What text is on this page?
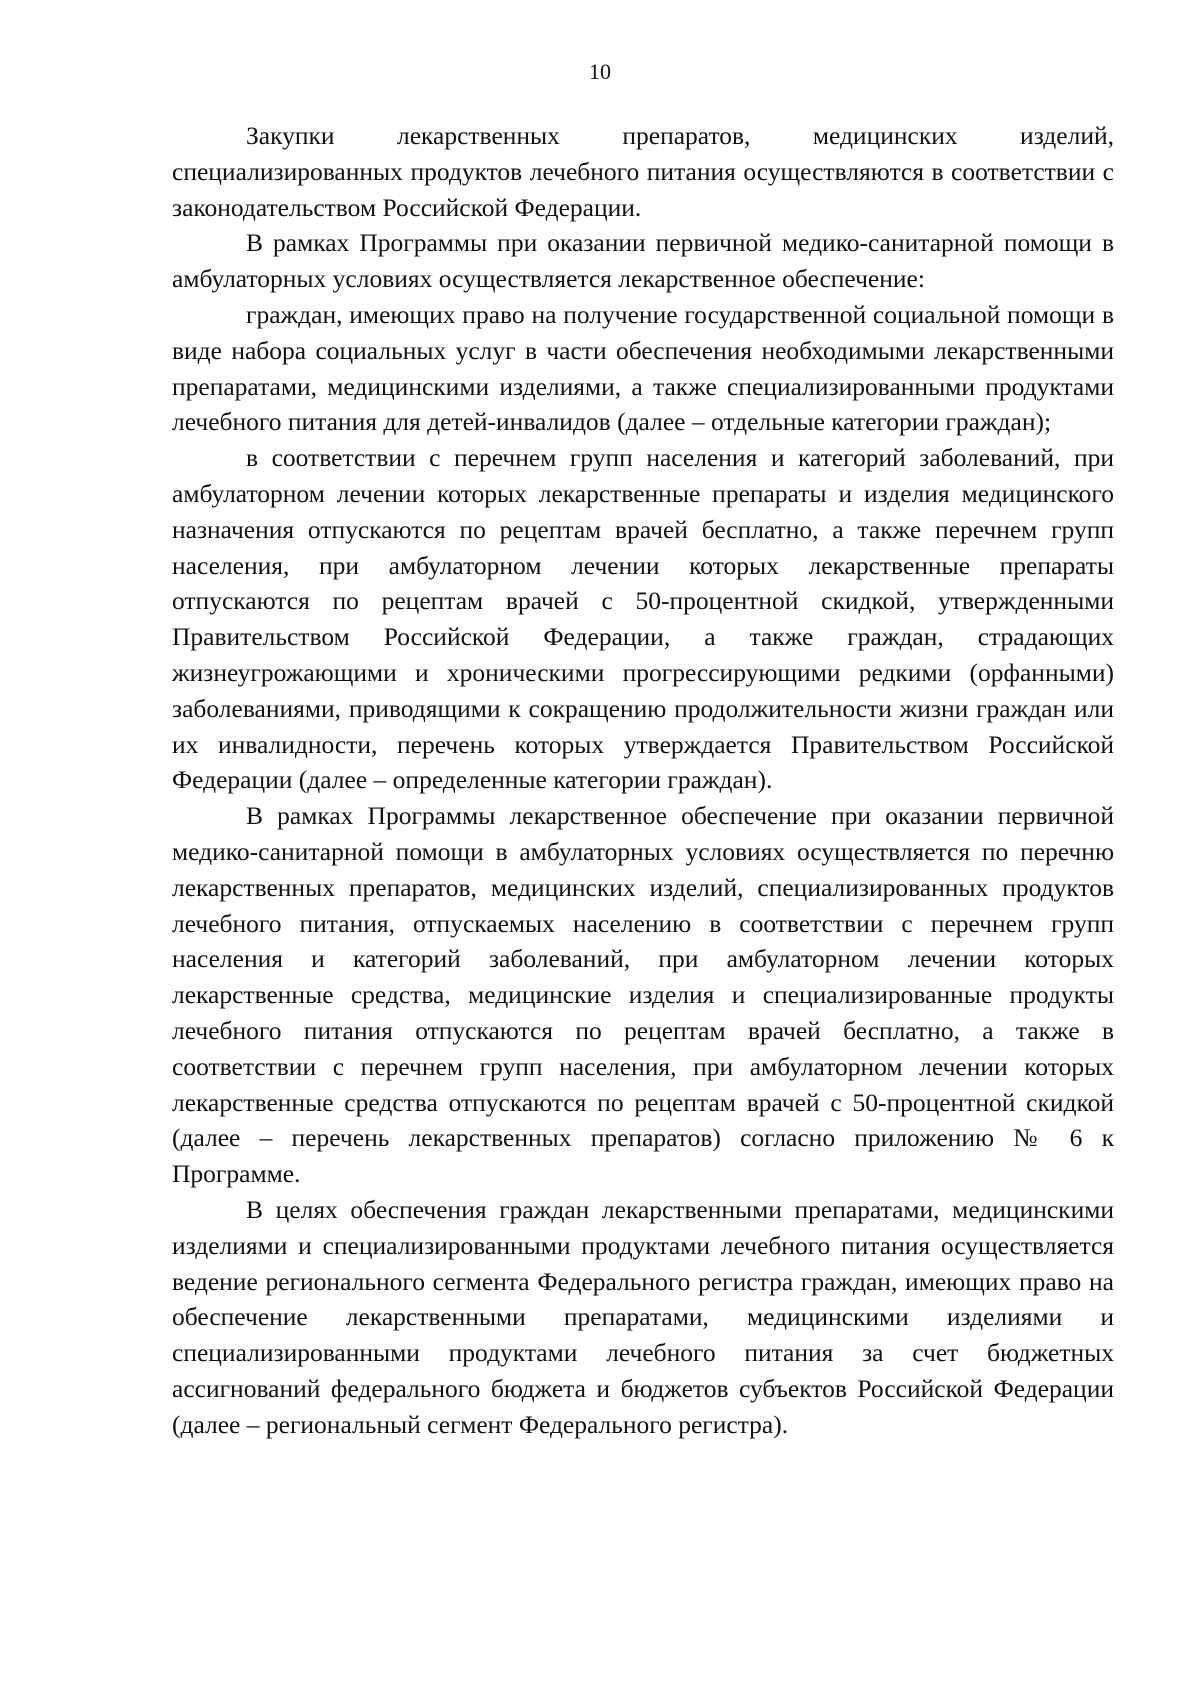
10

Закупки лекарственных препаратов, медицинских изделий, специализированных продуктов лечебного питания осуществляются в соответствии с законодательством Российской Федерации.

В рамках Программы при оказании первичной медико-санитарной помощи в амбулаторных условиях осуществляется лекарственное обеспечение:

граждан, имеющих право на получение государственной социальной помощи в виде набора социальных услуг в части обеспечения необходимыми лекарственными препаратами, медицинскими изделиями, а также специализированными продуктами лечебного питания для детей-инвалидов (далее – отдельные категории граждан);

в соответствии с перечнем групп населения и категорий заболеваний, при амбулаторном лечении которых лекарственные препараты и изделия медицинского назначения отпускаются по рецептам врачей бесплатно, а также перечнем групп населения, при амбулаторном лечении которых лекарственные препараты отпускаются по рецептам врачей с 50-процентной скидкой, утвержденными Правительством Российской Федерации, а также граждан, страдающих жизнеугрожающими и хроническими прогрессирующими редкими (орфанными) заболеваниями, приводящими к сокращению продолжительности жизни граждан или их инвалидности, перечень которых утверждается Правительством Российской Федерации (далее – определенные категории граждан).

В рамках Программы лекарственное обеспечение при оказании первичной медико-санитарной помощи в амбулаторных условиях осуществляется по перечню лекарственных препаратов, медицинских изделий, специализированных продуктов лечебного питания, отпускаемых населению в соответствии с перечнем групп населения и категорий заболеваний, при амбулаторном лечении которых лекарственные средства, медицинские изделия и специализированные продукты лечебного питания отпускаются по рецептам врачей бесплатно, а также в соответствии с перечнем групп населения, при амбулаторном лечении которых лекарственные средства отпускаются по рецептам врачей с 50-процентной скидкой (далее – перечень лекарственных препаратов) согласно приложению № 6 к Программе.

В целях обеспечения граждан лекарственными препаратами, медицинскими изделиями и специализированными продуктами лечебного питания осуществляется ведение регионального сегмента Федерального регистра граждан, имеющих право на обеспечение лекарственными препаратами, медицинскими изделиями и специализированными продуктами лечебного питания за счет бюджетных ассигнований федерального бюджета и бюджетов субъектов Российской Федерации (далее – региональный сегмент Федерального регистра).
